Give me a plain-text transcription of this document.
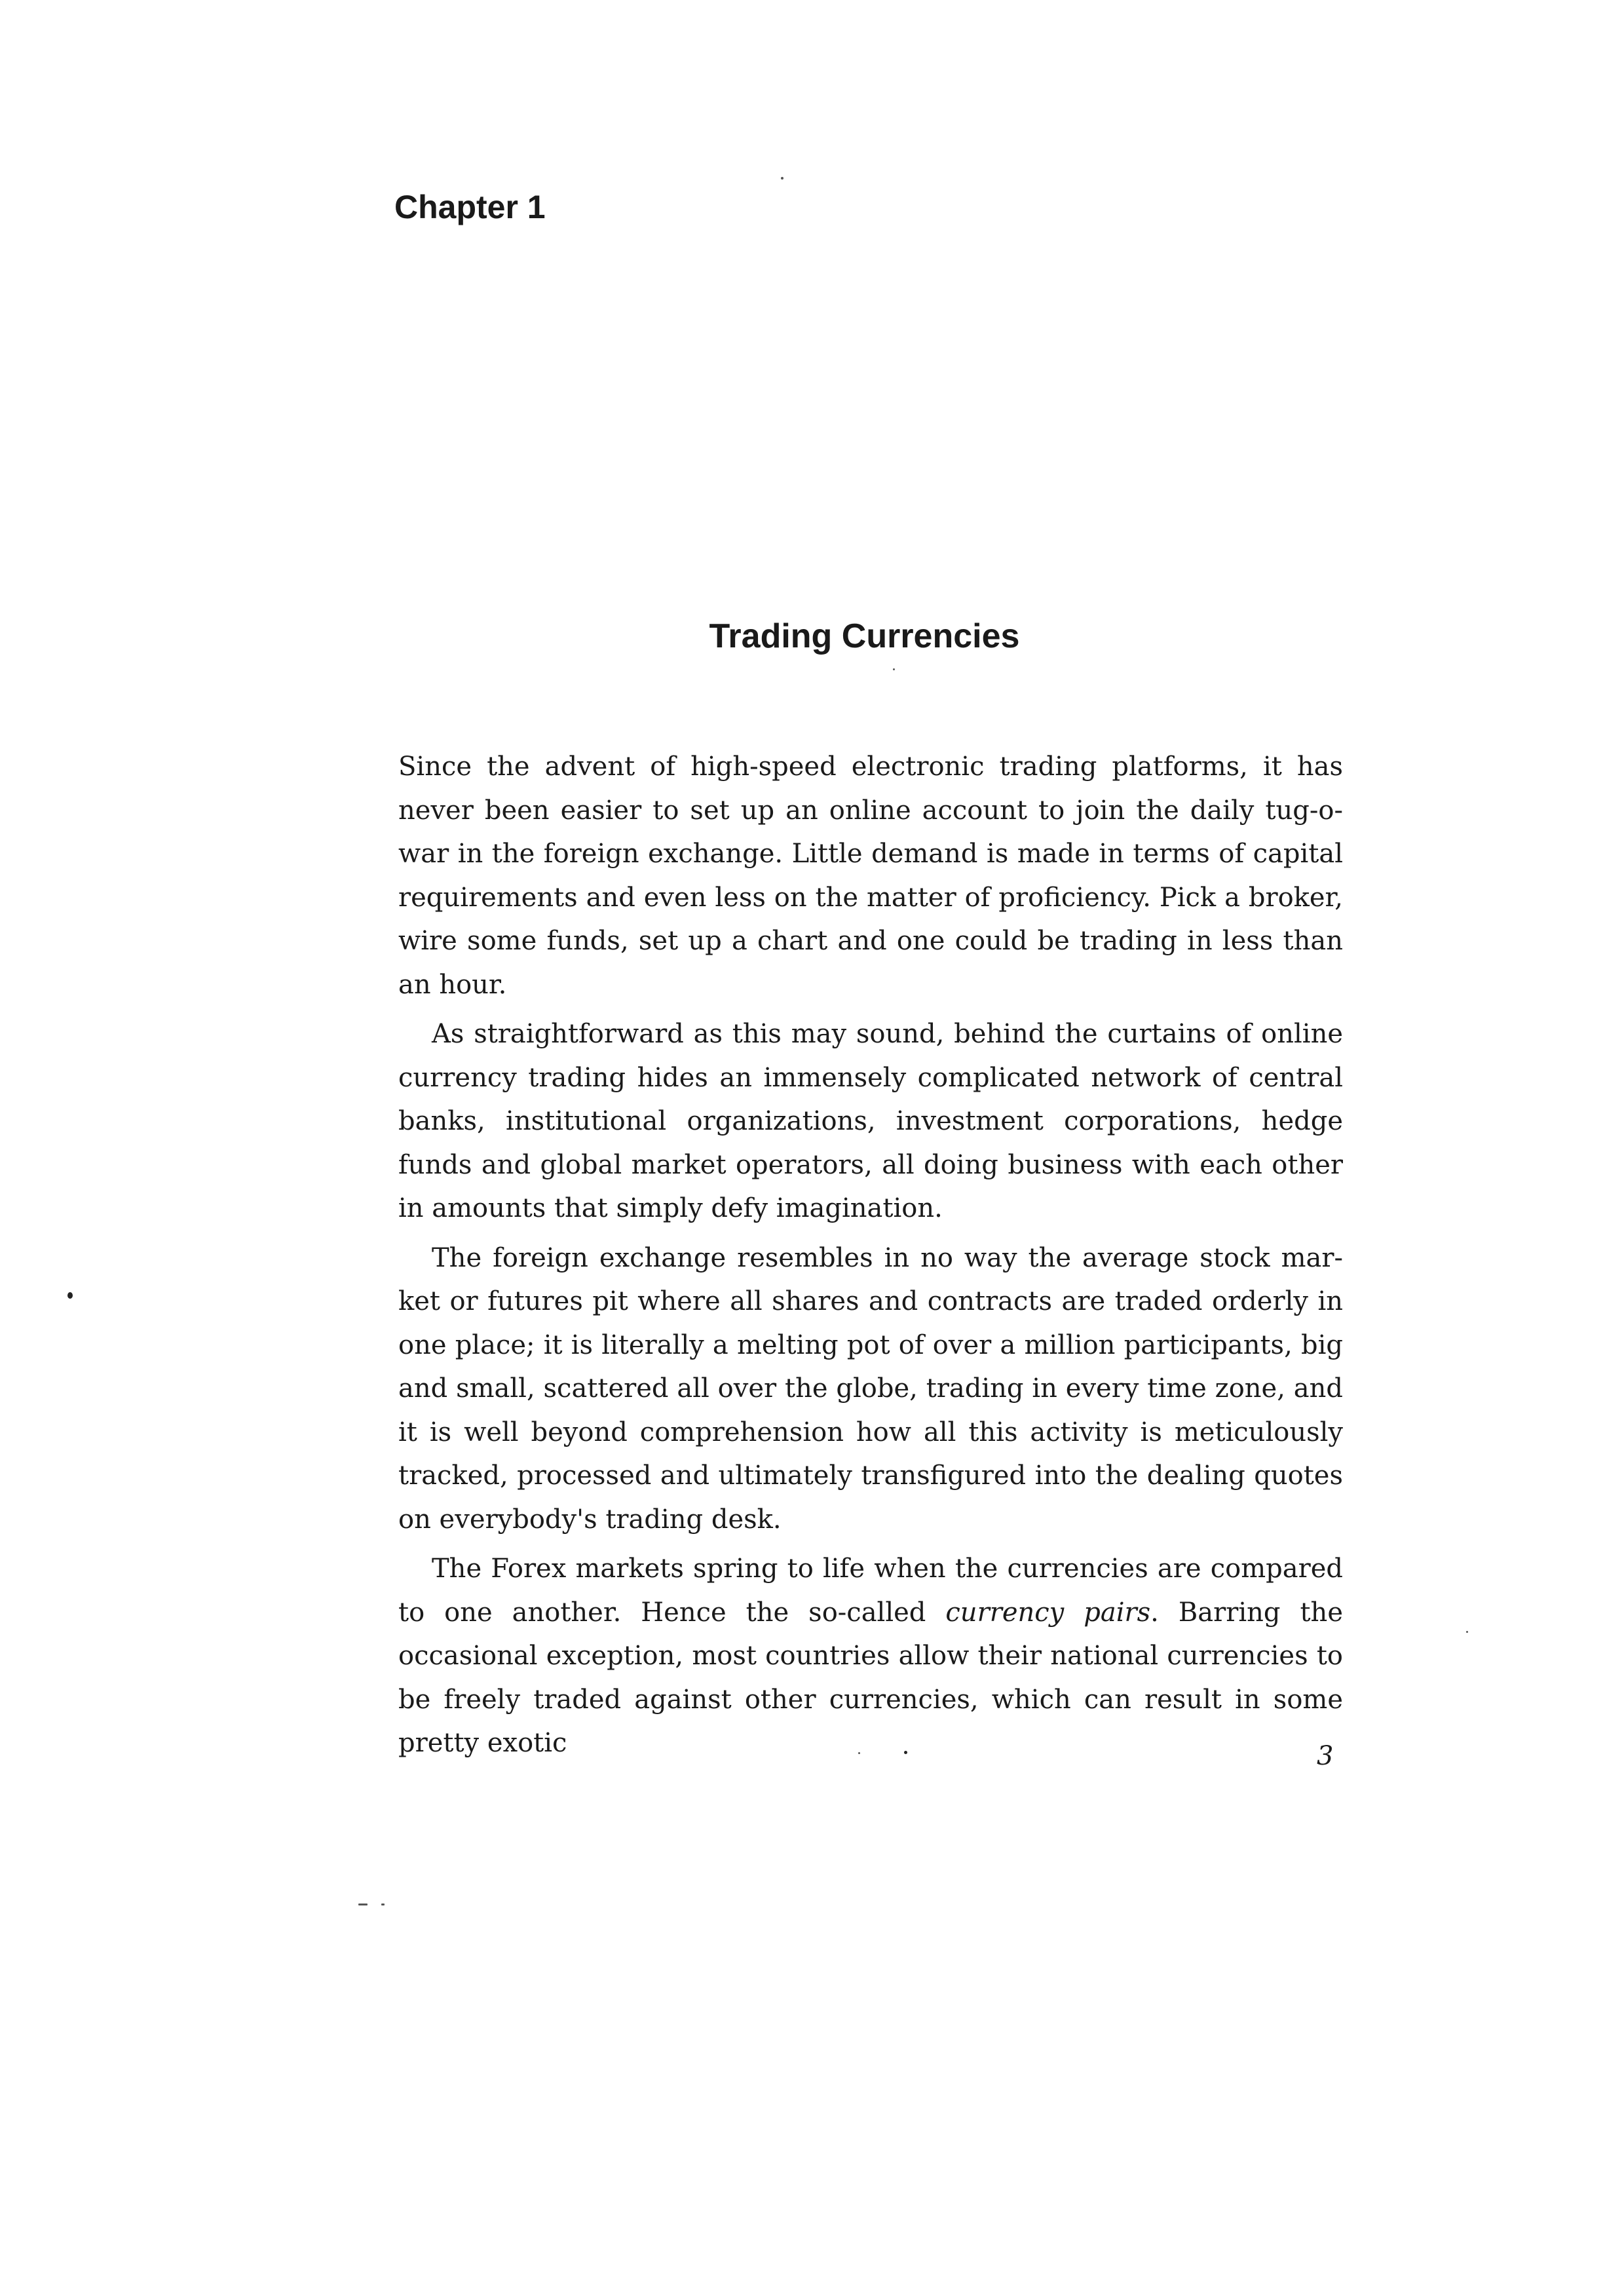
Chapter 1
Trading Currencies

Since the advent of high-speed electronic trading platforms, it has never been easier to set up an online account to join the daily tug-o-war in the foreign exchange. Little demand is made in terms of capital requirements and even less on the matter of proficiency. Pick a broker, wire some funds, set up a chart and one could be trading in less than an hour.

As straightforward as this may sound, behind the curtains of online currency trading hides an immensely complicated network of central banks, institutional organizations, investment corporations, hedge funds and global market operators, all doing business with each other in amounts that simply defy imagination.

The foreign exchange resembles in no way the average stock market or futures pit where all shares and contracts are traded orderly in one place; it is literally a melting pot of over a million participants, big and small, scattered all over the globe, trading in every time zone, and it is well beyond comprehension how all this activity is meticulously tracked, processed and ultimately transfigured into the dealing quotes on everybody's trading desk.

The Forex markets spring to life when the currencies are compared to one another. Hence the so-called currency pairs. Barring the occasional exception, most countries allow their national currencies to be freely traded against other currencies, which can result in some pretty exotic	3
